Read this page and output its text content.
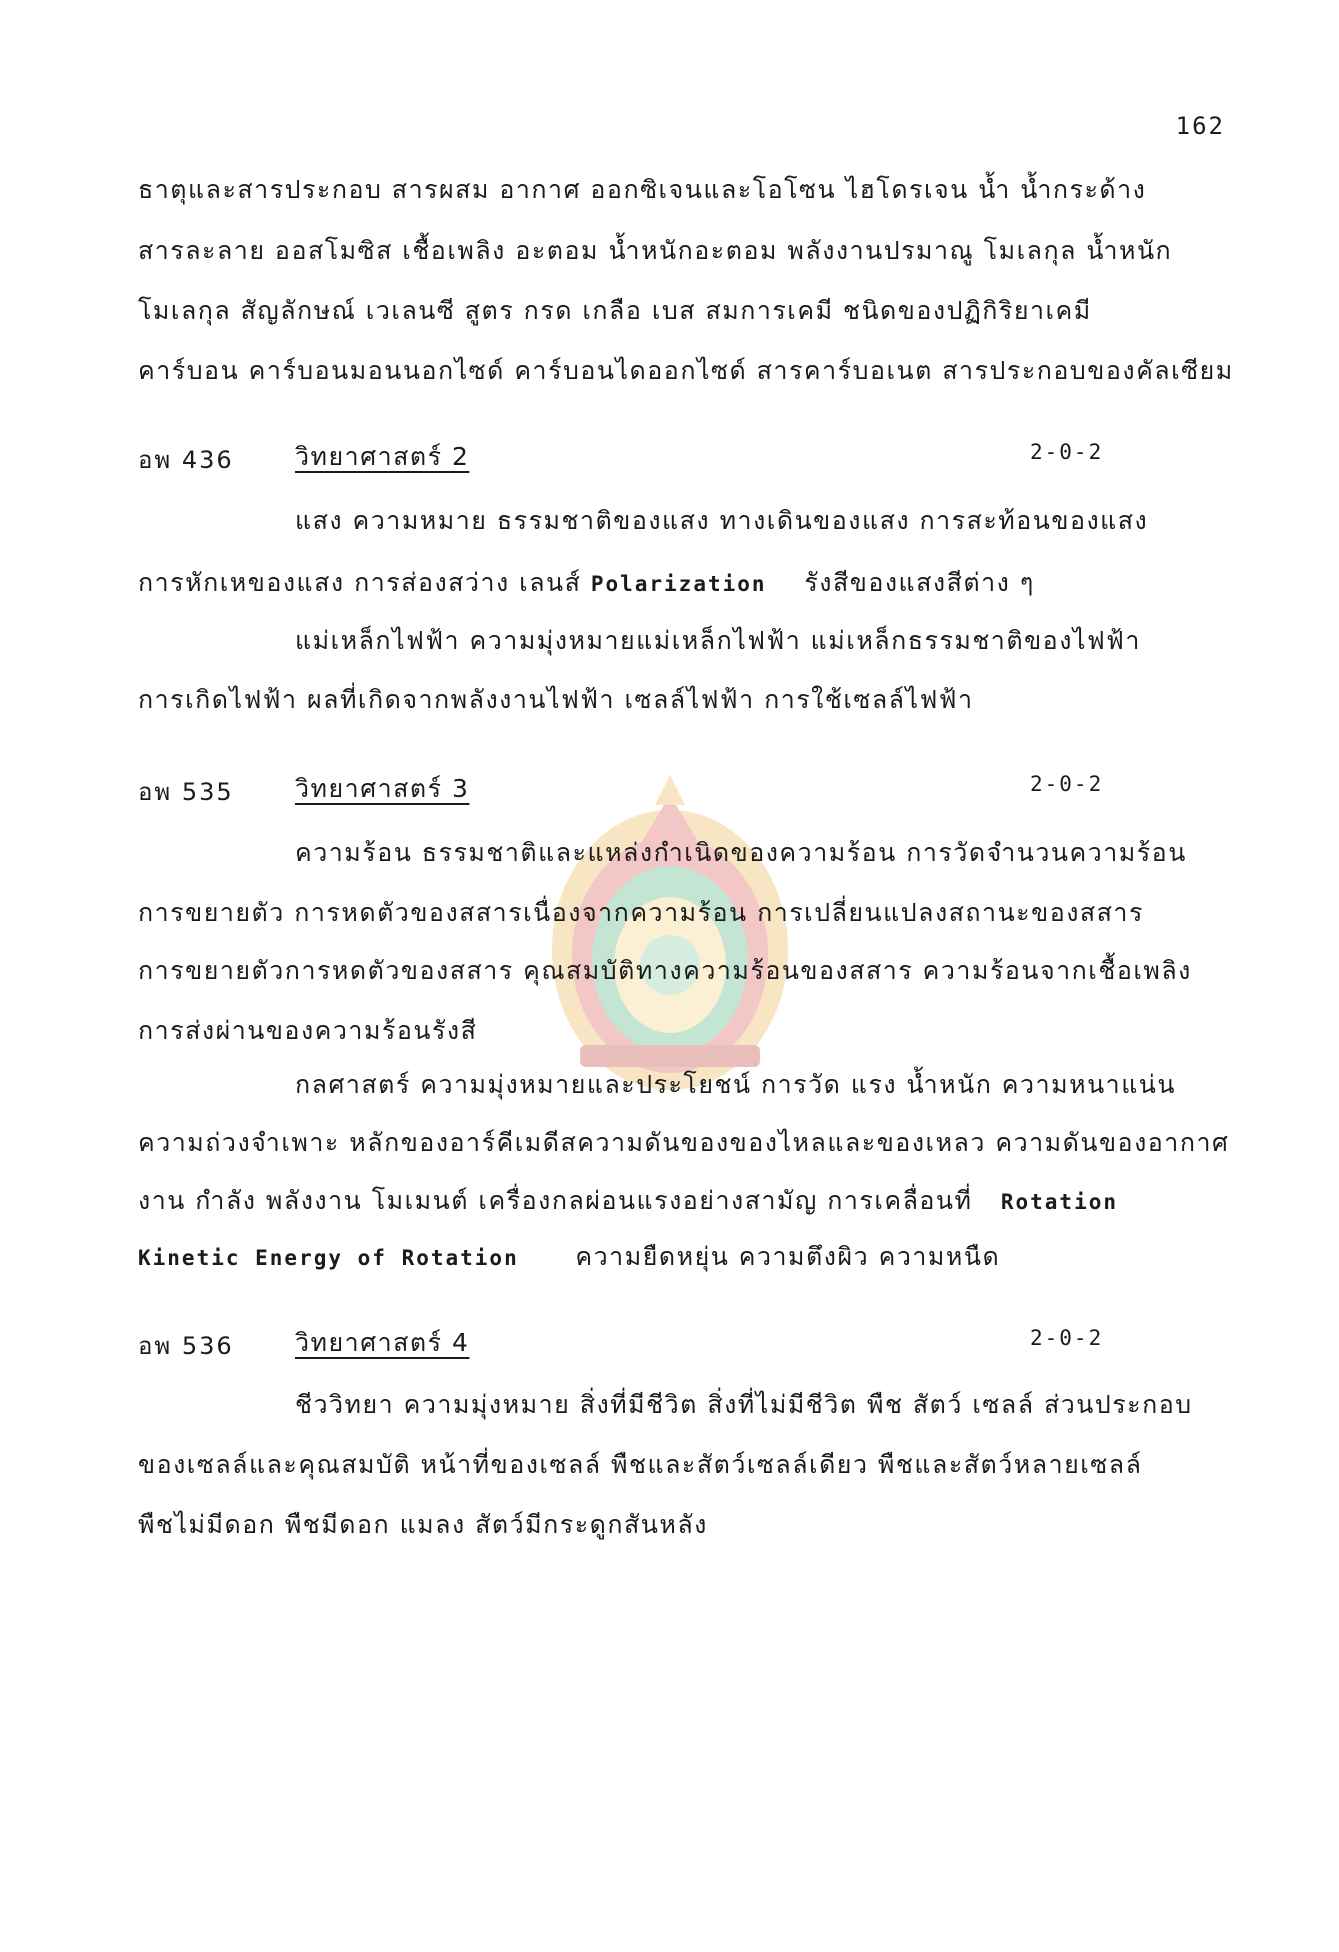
162
ธาตุและสารประกอบ สารผสม อากาศ ออกซิเจนและโอโซน ไฮโดรเจน น้ำ น้ำกระด้าง
สารละลาย ออสโมซิส เชื้อเพลิง อะตอม น้ำหนักอะตอม พลังงานปรมาณู โมเลกุล น้ำหนัก
โมเลกุล สัญลักษณ์ เวเลนซี สูตร กรด เกลือ เบส สมการเคมี ชนิดของปฏิกิริยาเคมี
คาร์บอน คาร์บอนมอนนอกไซด์ คาร์บอนไดออกไซด์ สารคาร์บอเนต สารประกอบของคัลเซียม
อพ 436 วิทยาศาสตร์ 2	2-0-2
แสง ความหมาย ธรรมชาติของแสง ทางเดินของแสง การสะท้อนของแสง
การหักเหของแสง การส่องสว่าง เลนส์ Polarization รังสีของแสงสีต่าง ๆ
แม่เหล็กไฟฟ้า ความมุ่งหมายแม่เหล็กไฟฟ้า แม่เหล็กธรรมชาติของไฟฟ้า
การเกิดไฟฟ้า ผลที่เกิดจากพลังงานไฟฟ้า เซลล์ไฟฟ้า การใช้เซลล์ไฟฟ้า
อพ 535 วิทยาศาสตร์ 3	2-0-2
ความร้อน ธรรมชาติและแหล่งกำเนิดของความร้อน การวัดจำนวนความร้อน
การขยายตัว การหดตัวของสสารเนื่องจากความร้อน การเปลี่ยนแปลงสถานะของสสาร
การขยายตัวการหดตัวของสสาร คุณสมบัติทางความร้อนของสสาร ความร้อนจากเชื้อเพลิง
การส่งผ่านของความร้อนรังสี
กลศาสตร์ ความมุ่งหมายและประโยชน์ การวัด แรง น้ำหนัก ความหนาแน่น
ความถ่วงจำเพาะ หลักของอาร์คีเมดีสความดันของของไหลและของเหลว ความดันของอากาศ
งาน กำลัง พลังงาน โมเมนต์ เครื่องกลผ่อนแรงอย่างสามัญ การเคลื่อนที่ Rotation
Kinetic Energy of Rotation ความยืดหยุ่น ความตึงผิว ความหนืด
อพ 536 วิทยาศาสตร์ 4	2-0-2
ชีววิทยา ความมุ่งหมาย สิ่งที่มีชีวิต สิ่งที่ไม่มีชีวิต พืช สัตว์ เซลล์ ส่วนประกอบ
ของเซลล์และคุณสมบัติ หน้าที่ของเซลล์ พืชและสัตว์เซลล์เดียว พืชและสัตว์หลายเซลล์
พืชไม่มีดอก พืชมีดอก แมลง สัตว์มีกระดูกสันหลัง
